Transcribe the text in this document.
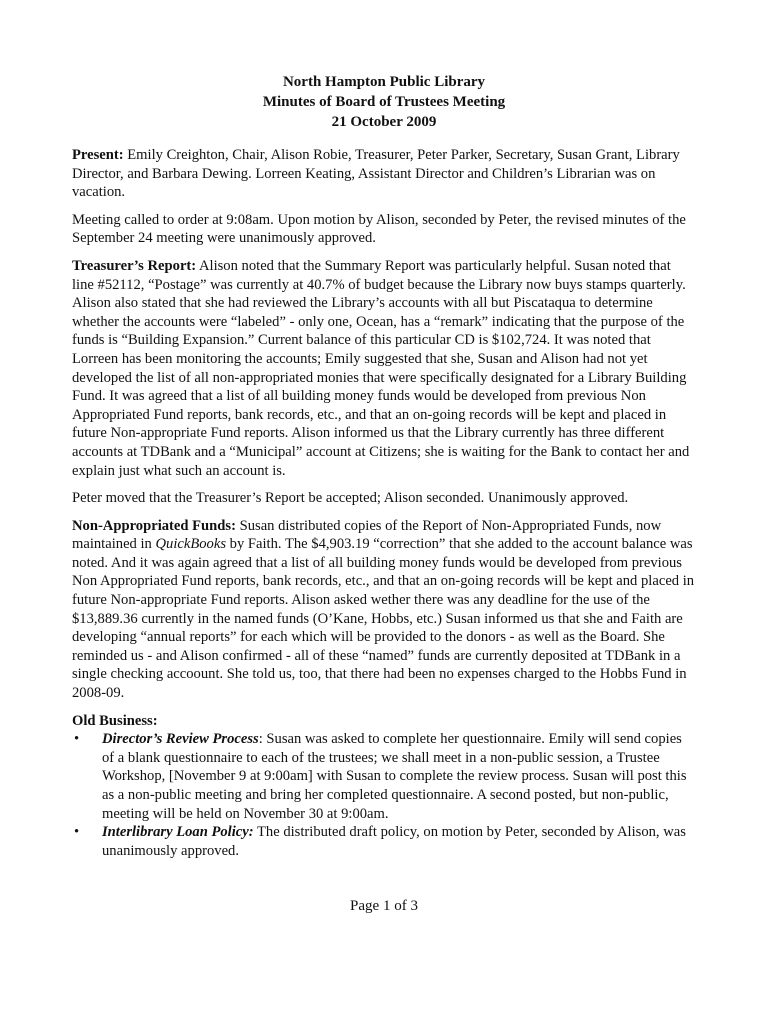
North Hampton Public Library
Minutes of Board of Trustees Meeting
21 October 2009

Present: Emily Creighton, Chair, Alison Robie, Treasurer, Peter Parker, Secretary, Susan Grant, Library Director, and Barbara Dewing. Lorreen Keating, Assistant Director and Children’s Librarian was on vacation.

Meeting called to order at 9:08am. Upon motion by Alison, seconded by Peter, the revised minutes of the September 24 meeting were unanimously approved.

Treasurer’s Report: Alison noted that the Summary Report was particularly helpful. Susan noted that line #52112, “Postage” was currently at 40.7% of budget because the Library now buys stamps quarterly. Alison also stated that she had reviewed the Library’s accounts with all but Piscataqua to determine whether the accounts were “labeled” - only one, Ocean, has a “remark” indicating that the purpose of the funds is “Building Expansion.” Current balance of this particular CD is $102,724. It was noted that Lorreen has been monitoring the accounts; Emily suggested that she, Susan and Alison had not yet developed the list of all non-appropriated monies that were specifically designated for a Library Building Fund. It was agreed that a list of all building money funds would be developed from previous Non Appropriated Fund reports, bank records, etc., and that an on-going records will be kept and placed in future Non-appropriate Fund reports. Alison informed us that the Library currently has three different accounts at TDBank and a “Municipal” account at Citizens; she is waiting for the Bank to contact her and explain just what such an account is.

Peter moved that the Treasurer’s Report be accepted; Alison seconded. Unanimously approved.

Non-Appropriated Funds: Susan distributed copies of the Report of Non-Appropriated Funds, now maintained in QuickBooks by Faith. The $4,903.19 “correction” that she added to the account balance was noted. And it was again agreed that a list of all building money funds would be developed from previous Non Appropriated Fund reports, bank records, etc., and that an on-going records will be kept and placed in future Non-appropriate Fund reports. Alison asked wether there was any deadline for the use of the $13,889.36 currently in the named funds (O’Kane, Hobbs, etc.) Susan informed us that she and Faith are developing “annual reports” for each which will be provided to the donors - as well as the Board. She reminded us - and Alison confirmed - all of these “named” funds are currently deposited at TDBank in a single checking accoount. She told us, too, that there had been no expenses charged to the Hobbs Fund in 2008-09.

Old Business:
• Director’s Review Process: Susan was asked to complete her questionnaire. Emily will send copies of a blank questionnaire to each of the trustees; we shall meet in a non-public session, a Trustee Workshop, [November 9 at 9:00am] with Susan to complete the review process. Susan will post this as a non-public meeting and bring her completed questionnaire. A second posted, but non-public, meeting will be held on November 30 at 9:00am.
• Interlibrary Loan Policy: The distributed draft policy, on motion by Peter, seconded by Alison, was unanimously approved.
Page 1 of 3
